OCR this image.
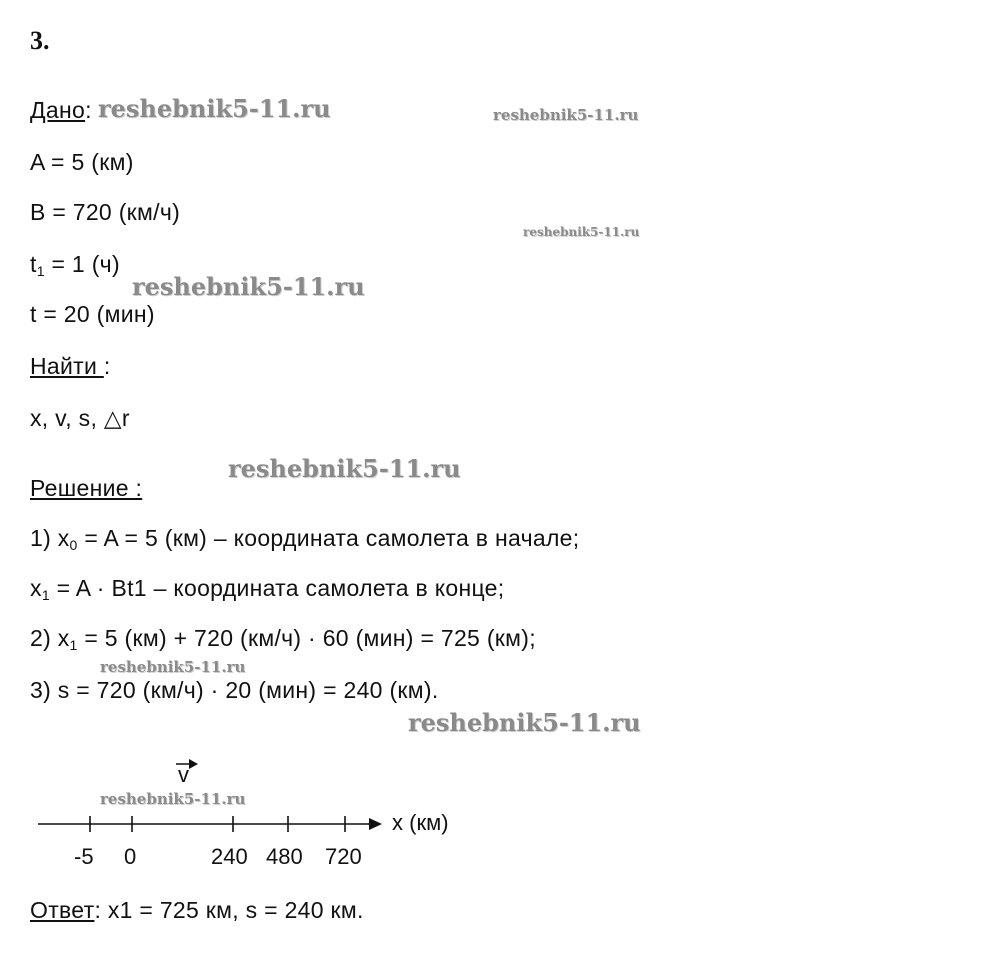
3.
Дано:
A = 5 (км)
B = 720 (км/ч)
$t_1 = 1$ (ч)
t = 20 (мин)
Найти :
x, v, s, △r
Решение :
1) $x_0 = A = 5$ (км) – координата самолета в начале;
$x_1 = A \cdot Bt1$ – координата самолета в конце;
2) $x_1 = 5$ (км) + 720 (км/ч) · 60 (мин) = 725 (км);
3) s = 720 (км/ч) · 20 (мин) = 240 (км).
v
x (км)
-5 0	240 480 720
Ответ: x1 = 725 км, s = 240 км.
reshebnik5-11.ru	reshebnik5-11.ru
reshebnik5-11.ru
reshebnik5-11.ru
reshebnik5-11.ru
reshebnik5-11.ru
reshebnik5-11.ru
reshebnik5-11.ru
